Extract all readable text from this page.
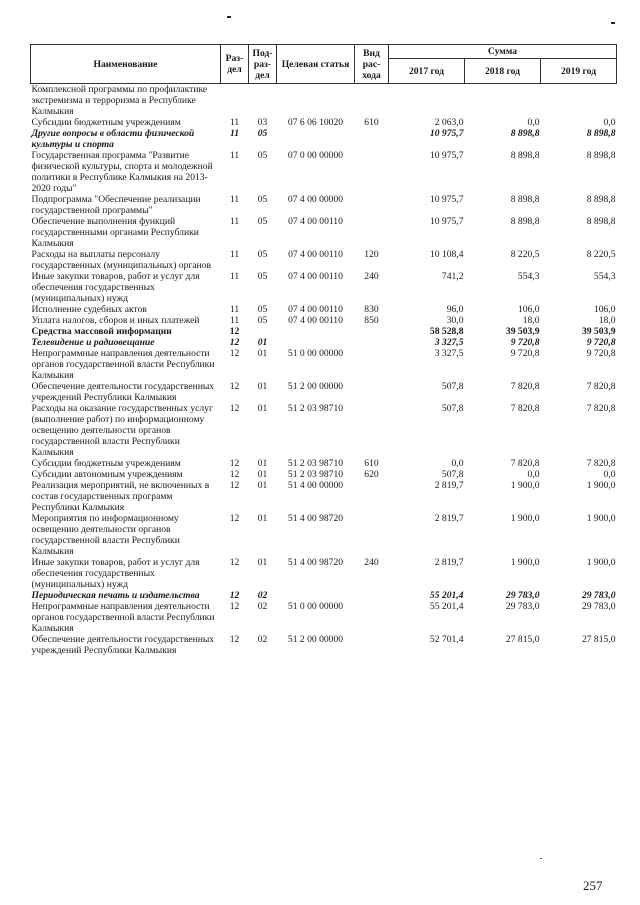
Наименование	Раз-дел	Под-раз-дел	Целевая статья	Вид рас-хода	Сумма		
					2017 год	2018 год	2019 год
Комплексной программы по профилактике экстремизма и терроризма в Республике Калмыкия							
Субсидии бюджетным учреждениям	11	03	07 6 06 10020	610	2 063,0	0,0	0,0
Другие вопросы в области физической культуры и спорта	11	05			10 975,7	8 898,8	8 898,8
Государственная программа "Развитие физической культуры, спорта и молодежной политики в Республике Калмыкия на 2013-2020 годы"	11	05	07 0 00 00000		10 975,7	8 898,8	8 898,8
Подпрограмма "Обеспечение реализации государственной программы"	11	05	07 4 00 00000		10 975,7	8 898,8	8 898,8
Обеспечение выполнения функций государственными органами Республики Калмыкия	11	05	07 4 00 00110		10 975,7	8 898,8	8 898,8
Расходы на выплаты персоналу государственных (муниципальных) органов	11	05	07 4 00 00110	120	10 108,4	8 220,5	8 220,5
Иные закупки товаров, работ и услуг для обеспечения государственных (муниципальных) нужд	11	05	07 4 00 00110	240	741,2	554,3	554,3
Исполнение судебных актов	11	05	07 4 00 00110	830	96,0	106,0	106,0
Уплата налогов, сборов и иных платежей	11	05	07 4 00 00110	850	30,0	18,0	18,0
Средства массовой информации	12				58 528,8	39 503,9	39 503,9
Телевидение и радиовещание	12	01			3 327,5	9 720,8	9 720,8
Непрограммные направления деятельности органов государственной власти Республики Калмыкия	12	01	51 0 00 00000		3 327,5	9 720,8	9 720,8
Обеспечение деятельности государственных учреждений Республики Калмыкия	12	01	51 2 00 00000		507,8	7 820,8	7 820,8
Расходы на оказание государственных услуг (выполнение работ) по информационному освещению деятельности органов государственной власти Республики Калмыкия	12	01	51 2 03 98710		507,8	7 820,8	7 820,8
Субсидии бюджетным учреждениям	12	01	51 2 03 98710	610	0,0	7 820,8	7 820,8
Субсидии автономным учреждениям	12	01	51 2 03 98710	620	507,8	0,0	0,0
Реализация мероприятий, не включенных в состав государственных программ Республики Калмыкия	12	01	51 4 00 00000		2 819,7	1 900,0	1 900,0
Мероприятия по информационному освещению деятельности органов государственной власти Республики Калмыкия	12	01	51 4 00 98720		2 819,7	1 900,0	1 900,0
Иные закупки товаров, работ и услуг для обеспечения государственных (муниципальных) нужд	12	01	51 4 00 98720	240	2 819,7	1 900,0	1 900,0
Периодическая печать и издательства	12	02			55 201,4	29 783,0	29 783,0
Непрограммные направления деятельности органов государственной власти Республики Калмыкия	12	02	51 0 00 00000		55 201,4	29 783,0	29 783,0
Обеспечение деятельности государственных учреждений Республики Калмыкия	12	02	51 2 00 00000		52 701,4	27 815,0	27 815,0
257
